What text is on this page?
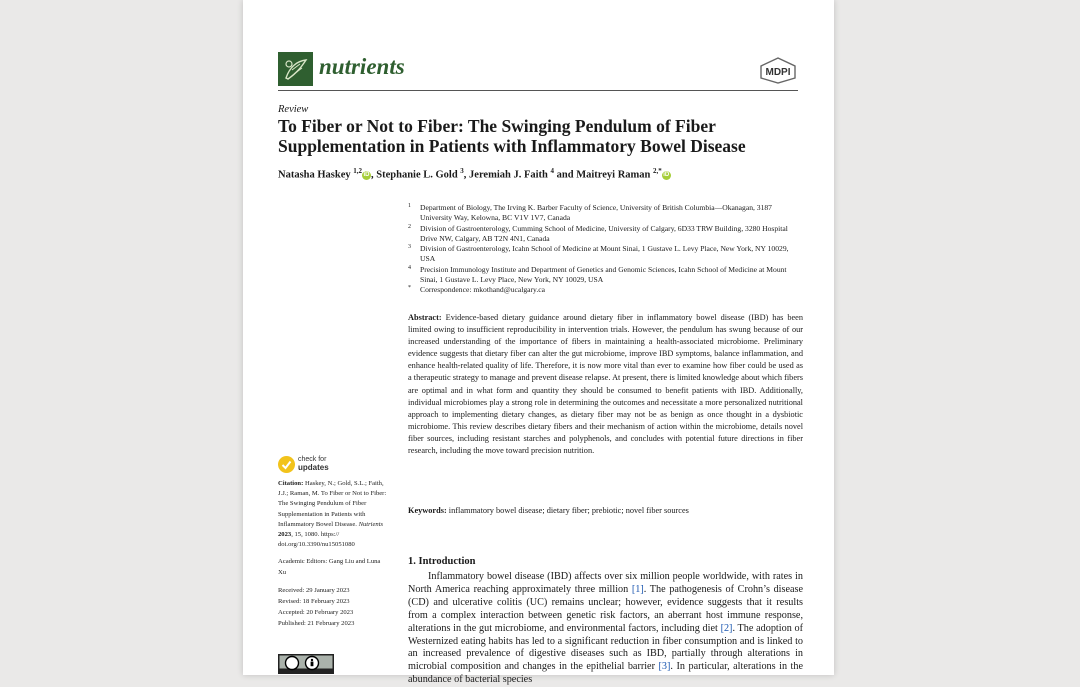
nutrients	MDPI
Review
To Fiber or Not to Fiber: The Swinging Pendulum of Fiber Supplementation in Patients with Inflammatory Bowel Disease
Natasha Haskey $^{1,2}$ iD , Stephanie L. Gold $^3$, Jeremiah J. Faith $^4$ and Maitreyi Raman $^{2,*}$ iD
1 Department of Biology, The Irving K. Barber Faculty of Science, University of British Columbia—Okanagan, 3187 University Way, Kelowna, BC V1V 1V7, Canada
2 Division of Gastroenterology, Cumming School of Medicine, University of Calgary, 6D33 TRW Building, 3280 Hospital Drive NW, Calgary, AB T2N 4N1, Canada
3 Division of Gastroenterology, Icahn School of Medicine at Mount Sinai, 1 Gustave L. Levy Place, New York, NY 10029, USA
4 Precision Immunology Institute and Department of Genetics and Genomic Sciences, Icahn School of Medicine at Mount Sinai, 1 Gustave L. Levy Place, New York, NY 10029, USA
* Correspondence: mkothand@ucalgary.ca
Abstract: Evidence-based dietary guidance around dietary fiber in inflammatory bowel disease (IBD) has been limited owing to insufficient reproducibility in intervention trials. However, the pendulum has swung because of our increased understanding of the importance of fibers in maintaining a health-associated microbiome. Preliminary evidence suggests that dietary fiber can alter the gut microbiome, improve IBD symptoms, balance inflammation, and enhance health-related quality of life. Therefore, it is now more vital than ever to examine how fiber could be used as a therapeutic strategy to manage and prevent disease relapse. At present, there is limited knowledge about which fibers are optimal and in what form and quantity they should be consumed to benefit patients with IBD. Additionally, individual microbiomes play a strong role in determining the outcomes and necessitate a more personalized nutritional approach to implementing dietary changes, as dietary fiber may not be as benign as once thought in a dysbiotic microbiome. This review describes dietary fibers and their mechanism of action within the microbiome, details novel fiber sources, including resistant starches and polyphenols, and concludes with potential future directions in fiber research, including the move toward precision nutrition.
Keywords: inflammatory bowel disease; dietary fiber; prebiotic; novel fiber sources
check for
updates

Citation: Haskey, N.; Gold, S.L.; Faith, J.J.; Raman, M. To Fiber or Not to Fiber: The Swinging Pendulum of Fiber Supplementation in Patients with Inflammatory Bowel Disease. Nutrients 2023, 15, 1080. https:// doi.org/10.3390/nu15051080

Academic Editors: Gang Liu and Luna Xu

Received: 29 January 2023
Revised: 18 February 2023
Accepted: 20 February 2023
Published: 21 February 2023

1. Introduction
Inflammatory bowel disease (IBD) affects over six million people worldwide, with rates in North America reaching approximately three million [1]. The pathogenesis of Crohn’s disease (CD) and ulcerative colitis (UC) remains unclear; however, evidence suggests that it results from a complex interaction between genetic risk factors, an aberrant host immune response, alterations in the gut microbiome, and environmental factors, including diet [2]. The adoption of Westernized eating habits has led to a significant reduction in fiber consumption and is linked to an increased prevalence of digestive diseases such as IBD, partially through alterations in microbial composition and changes in the epithelial barrier [3]. In particular, alterations in the abundance of bacterial species
